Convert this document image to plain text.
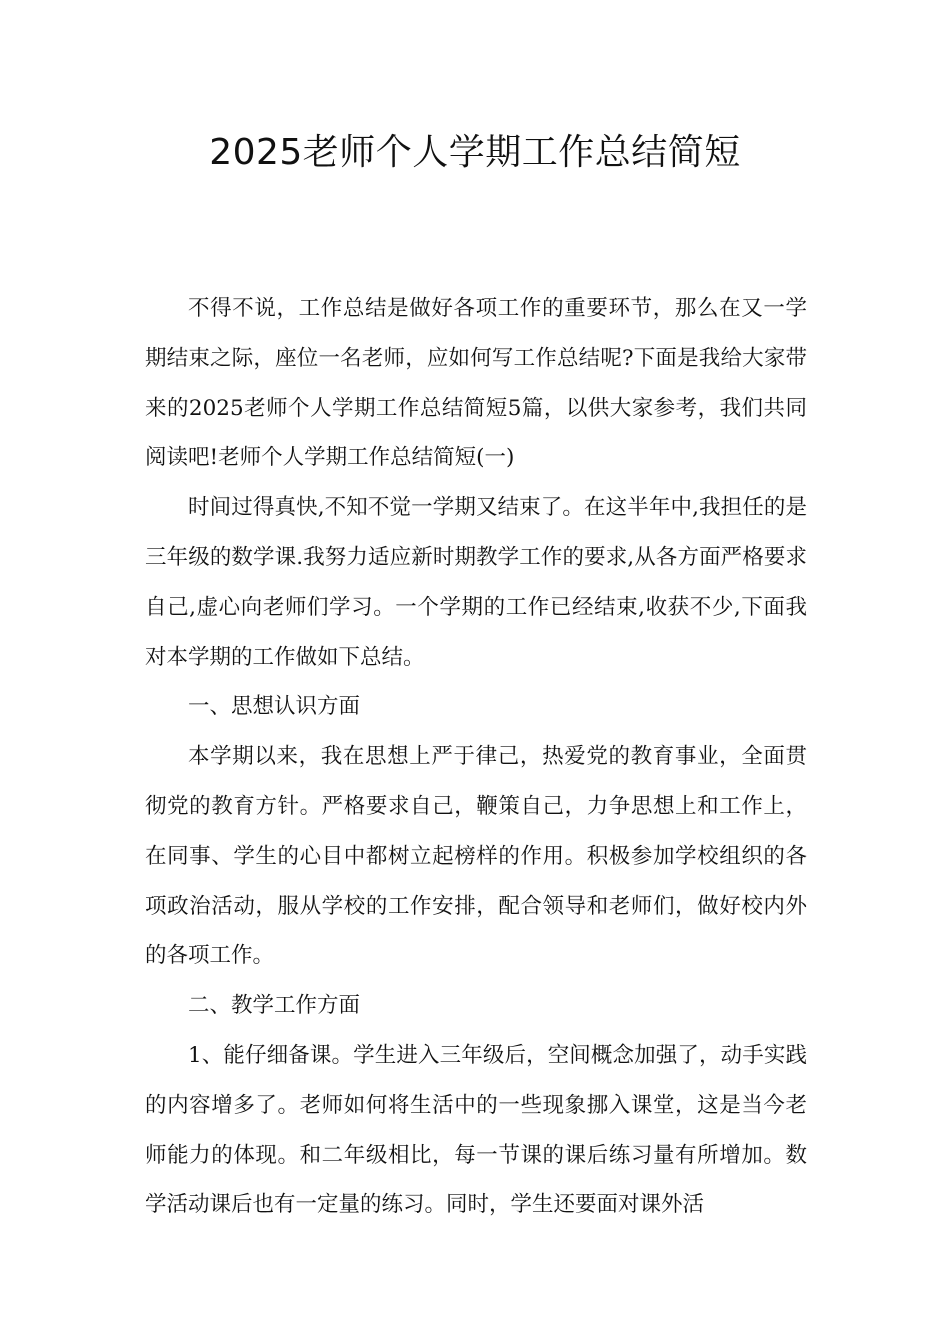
2025老师个人学期工作总结简短

不得不说，工作总结是做好各项工作的重要环节，那么在又一学期结束之际，座位一名老师，应如何写工作总结呢?下面是我给大家带来的2025老师个人学期工作总结简短5篇，以供大家参考，我们共同阅读吧!老师个人学期工作总结简短(一)

时间过得真快,不知不觉一学期又结束了。在这半年中,我担任的是三年级的数学课.我努力适应新时期教学工作的要求,从各方面严格要求自己,虚心向老师们学习。一个学期的工作已经结束,收获不少,下面我对本学期的工作做如下总结。

一、思想认识方面

本学期以来，我在思想上严于律己，热爱党的教育事业，全面贯彻党的教育方针。严格要求自己，鞭策自己，力争思想上和工作上，在同事、学生的心目中都树立起榜样的作用。积极参加学校组织的各项政治活动，服从学校的工作安排，配合领导和老师们，做好校内外的各项工作。

二、教学工作方面

1、能仔细备课。学生进入三年级后，空间概念加强了，动手实践的内容增多了。老师如何将生活中的一些现象挪入课堂，这是当今老师能力的体现。和二年级相比，每一节课的课后练习量有所增加。数学活动课后也有一定量的练习。同时，学生还要面对课外活
